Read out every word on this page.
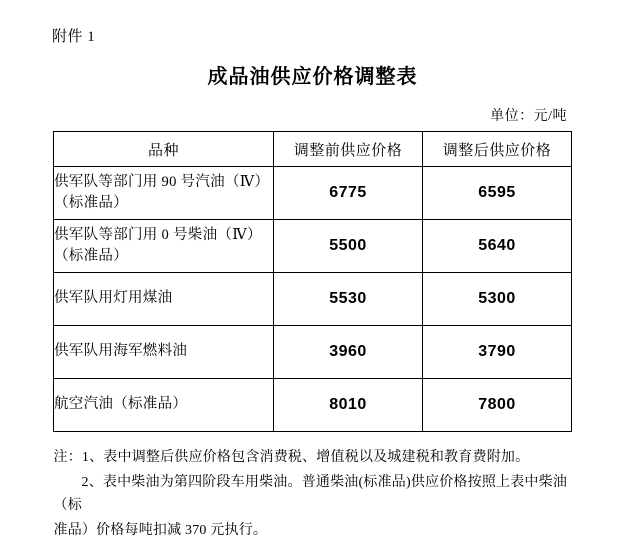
附件 1
成品油供应价格调整表
单位：元/吨
品种	调整前供应价格	调整后供应价格

供军队等部门用 90 号汽油（Ⅳ）
（标准品）	6775	6595

供军队等部门用 0 号柴油（Ⅳ）
（标准品）	5500	5640

供军队用灯用煤油	5530	5300

供军队用海军燃料油	3960	3790

航空汽油（标准品）	8010	7800

注：1、表中调整后供应价格包含消费税、增值税以及城建税和教育费附加。

2、表中柴油为第四阶段车用柴油。普通柴油(标准品)供应价格按照上表中柴油（标

准品）价格每吨扣减 370 元执行。
